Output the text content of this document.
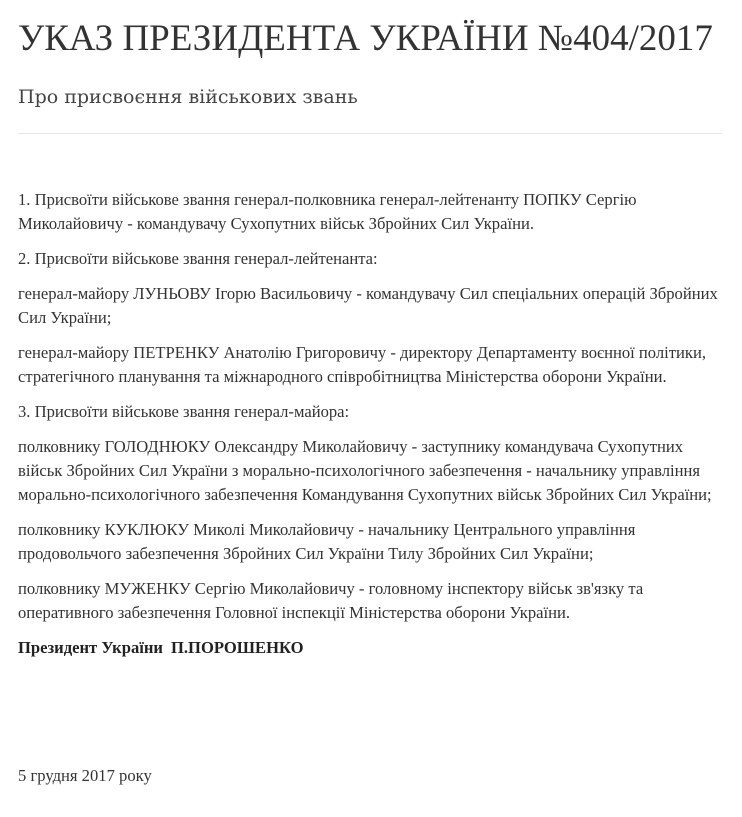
УКАЗ ПРЕЗИДЕНТА УКРАЇНИ №404/2017
Про присвоєння військових звань

1. Присвоїти військове звання генерал-полковника генерал-лейтенанту ПОПКУ Сергію Миколайовичу - командувачу Сухопутних військ Збройних Сил України.

2. Присвоїти військове звання генерал-лейтенанта:

генерал-майору ЛУНЬОВУ Ігорю Васильовичу - командувачу Сил спеціальних операцій Збройних Сил України;

генерал-майору ПЕТРЕНКУ Анатолію Григоровичу - директору Департаменту воєнної політики, стратегічного планування та міжнародного співробітництва Міністерства оборони України.

3. Присвоїти військове звання генерал-майора:

полковнику ГОЛОДНЮКУ Олександру Миколайовичу - заступнику командувача Сухопутних військ Збройних Сил України з морально-психологічного забезпечення - начальнику управління морально-психологічного забезпечення Командування Сухопутних військ Збройних Сил України;

полковнику КУКЛЮКУ Миколі Миколайовичу - начальнику Центрального управління продовольчого забезпечення Збройних Сил України Тилу Збройних Сил України;

полковнику МУЖЕНКУ Сергію Миколайовичу - головному інспектору військ зв'язку та оперативного забезпечення Головної інспекції Міністерства оборони України.

Президент України П.ПОРОШЕНКО

5 грудня 2017 року
